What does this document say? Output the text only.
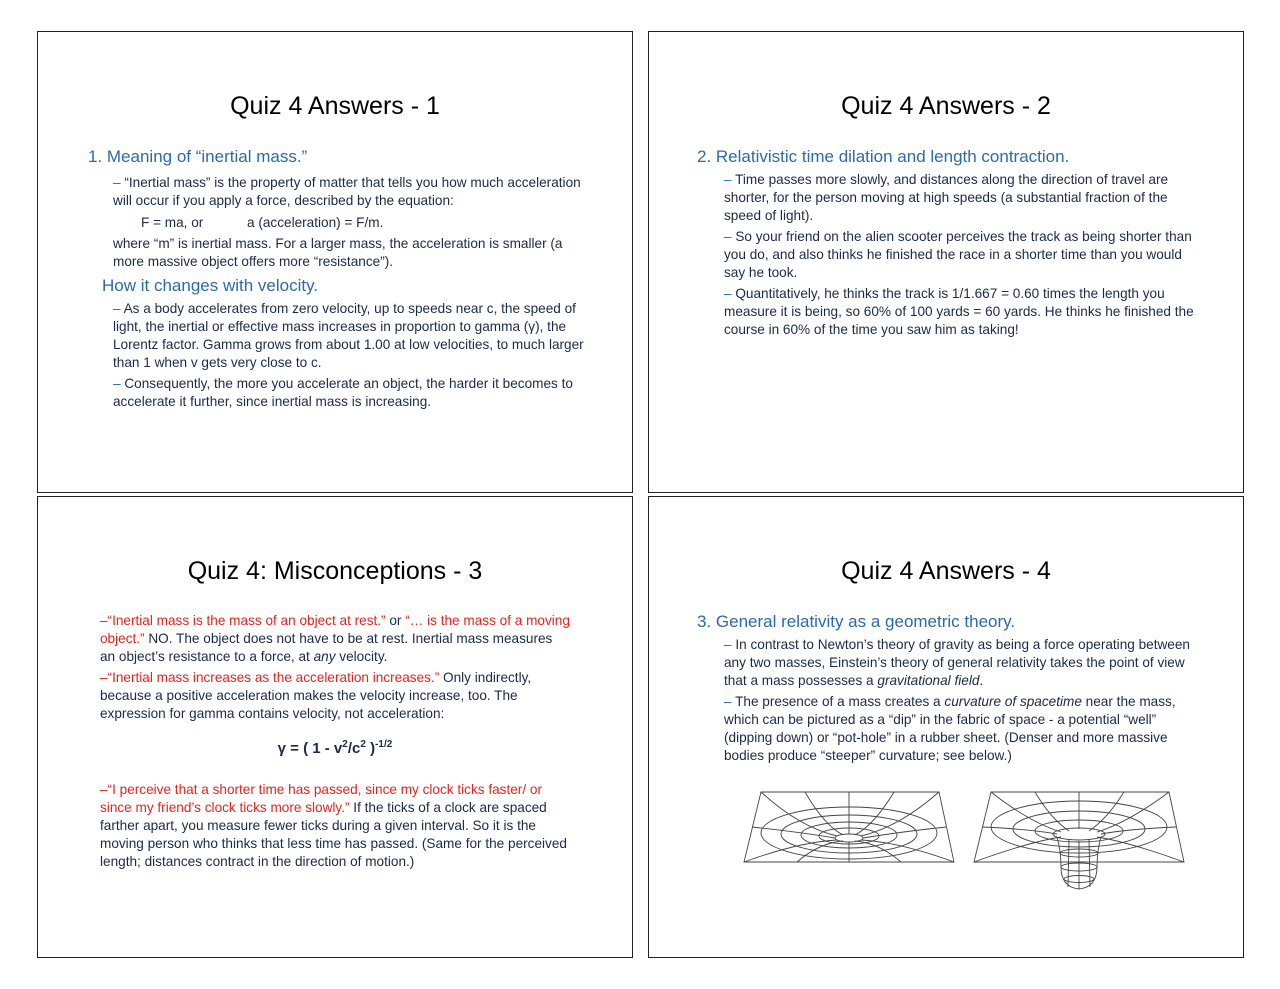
Quiz 4 Answers - 1
1. Meaning of “inertial mass.”
– “Inertial mass” is the property of matter that tells you how much acceleration will occur if you apply a force, described by the equation:
F = ma, or	a (acceleration) = F/m.
where “m” is inertial mass. For a larger mass, the acceleration is smaller (a more massive object offers more “resistance”).
How it changes with velocity.
– As a body accelerates from zero velocity, up to speeds near c, the speed of light, the inertial or effective mass increases in proportion to gamma (γ), the Lorentz factor. Gamma grows from about 1.00 at low velocities, to much larger than 1 when v gets very close to c.
– Consequently, the more you accelerate an object, the harder it becomes to accelerate it further, since inertial mass is increasing.
Quiz 4 Answers - 2
2. Relativistic time dilation and length contraction.
– Time passes more slowly, and distances along the direction of travel are shorter, for the person moving at high speeds (a substantial fraction of the speed of light).
– So your friend on the alien scooter perceives the track as being shorter than you do, and also thinks he finished the race in a shorter time than you would say he took.
– Quantitatively, he thinks the track is 1/1.667 = 0.60 times the length you measure it is being, so 60% of 100 yards = 60 yards. He thinks he finished the course in 60% of the time you saw him as taking!
Quiz 4: Misconceptions - 3
–“Inertial mass is the mass of an object at rest.” or “… is the mass of a moving object.” NO. The object does not have to be at rest. Inertial mass measures an object’s resistance to a force, at any velocity.
–“Inertial mass increases as the acceleration increases.” Only indirectly, because a positive acceleration makes the velocity increase, too. The expression for gamma contains velocity, not acceleration:
γ = ( $1 - v^2/c^2$ )$^{-1/2}$
–“I perceive that a shorter time has passed, since my clock ticks faster/ or since my friend’s clock ticks more slowly.” If the ticks of a clock are spaced farther apart, you measure fewer ticks during a given interval. So it is the moving person who thinks that less time has passed. (Same for the perceived length; distances contract in the direction of motion.)
Quiz 4 Answers - 4
3. General relativity as a geometric theory.
– In contrast to Newton’s theory of gravity as being a force operating between any two masses, Einstein’s theory of general relativity takes the point of view that a mass possesses a gravitational field.
– The presence of a mass creates a curvature of spacetime near the mass, which can be pictured as a “dip” in the fabric of space - a potential “well” (dipping down) or “pot-hole” in a rubber sheet. (Denser and more massive bodies produce “steeper” curvature; see below.)
